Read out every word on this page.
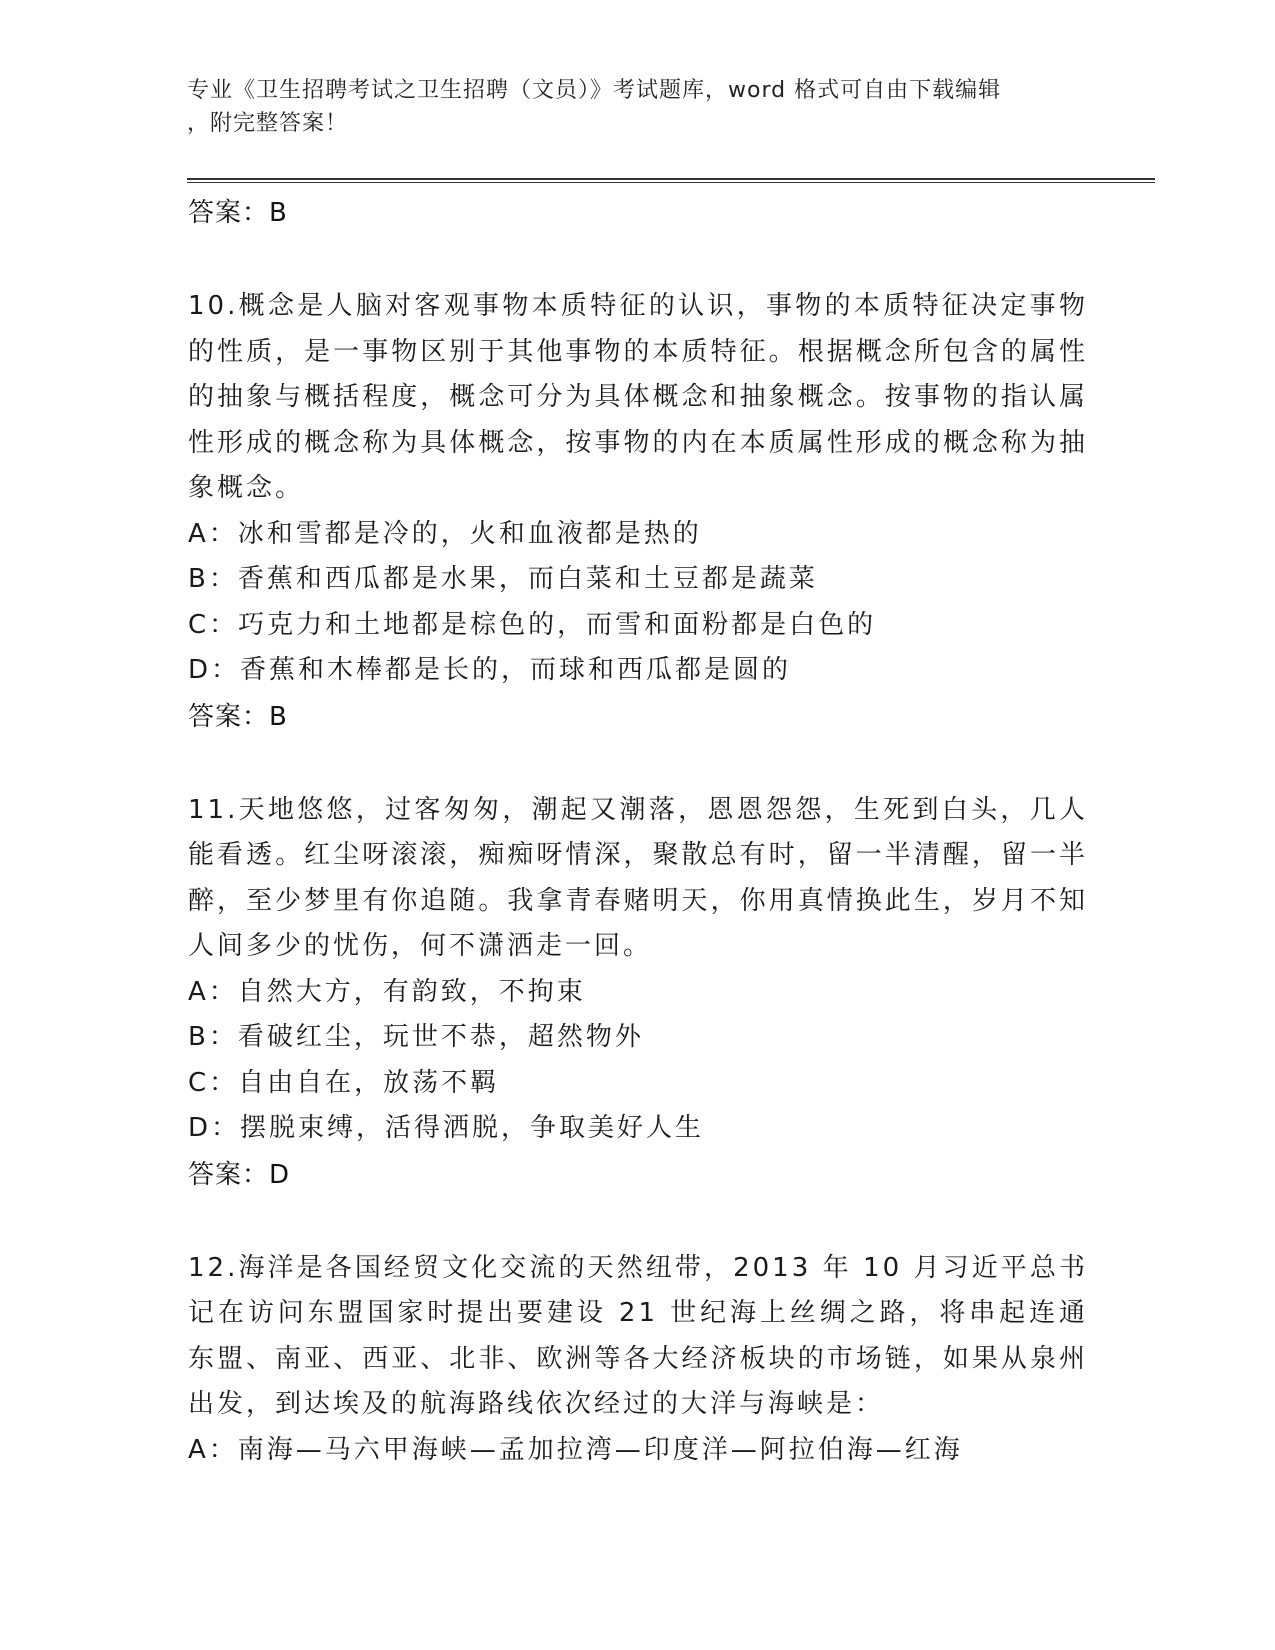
专业《卫生招聘考试之卫生招聘（文员）》考试题库，word 格式可自由下载编辑
，附完整答案！

答案：B

10.概念是人脑对客观事物本质特征的认识，事物的本质特征决定事物的性质，是一事物区别于其他事物的本质特征。根据概念所包含的属性的抽象与概括程度，概念可分为具体概念和抽象概念。按事物的指认属性形成的概念称为具体概念，按事物的内在本质属性形成的概念称为抽象概念。

A：冰和雪都是冷的，火和血液都是热的

B：香蕉和西瓜都是水果，而白菜和土豆都是蔬菜

C：巧克力和土地都是棕色的，而雪和面粉都是白色的

D：香蕉和木棒都是长的，而球和西瓜都是圆的

答案：B

11.天地悠悠，过客匆匆，潮起又潮落，恩恩怨怨，生死到白头，几人能看透。红尘呀滚滚，痴痴呀情深，聚散总有时，留一半清醒，留一半醉，至少梦里有你追随。我拿青春赌明天，你用真情换此生，岁月不知人间多少的忧伤，何不潇洒走一回。

A：自然大方，有韵致，不拘束

B：看破红尘，玩世不恭，超然物外

C：自由自在，放荡不羁

D：摆脱束缚，活得洒脱，争取美好人生

答案：D

12.海洋是各国经贸文化交流的天然纽带，2013 年 10 月习近平总书记在访问东盟国家时提出要建设 21 世纪海上丝绸之路，将串起连通东盟、南亚、西亚、北非、欧洲等各大经济板块的市场链，如果从泉州出发，到达埃及的航海路线依次经过的大洋与海峡是：

A：南海—马六甲海峡—孟加拉湾—印度洋—阿拉伯海—红海
